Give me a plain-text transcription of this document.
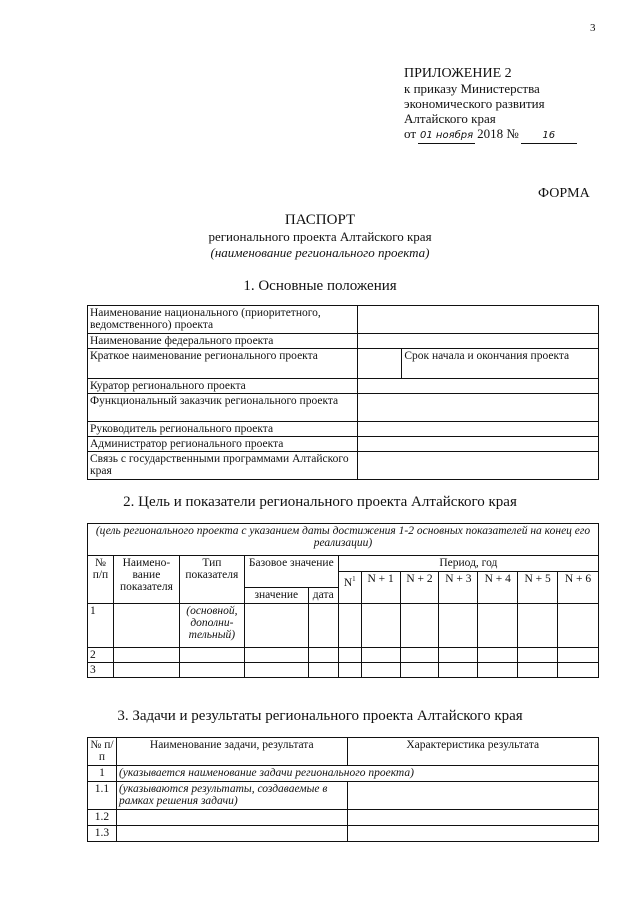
3
ПРИЛОЖЕНИЕ 2
к приказу Министерства
экономического развития
Алтайского края
от 01 ноября 2018 №	16
ФОРМА
ПАСПОРТ
регионального проекта Алтайского края
(наименование регионального проекта)
1. Основные положения
Наименование национального (приоритетного, ведомственного) проекта		
Наименование федерального проекта		
Краткое наименование регионального проекта		Срок начала и окончания проекта
Куратор регионального проекта		
Функциональный заказчик регионального проекта		
Руководитель регионального проекта		
Администратор регионального проекта		
Связь с государственными программами Алтайского края		
2. Цель и показатели регионального проекта Алтайского края
(цель регионального проекта с указанием даты достижения 1-2 основных показателей на конец его реализации)											
№ п/п	Наимено-вание показателя	Тип показателя	Базовое значение		Период, год						
					$N^1$	N + 1	N + 2	N + 3	N + 4	N + 5	N + 6
			значение	дата							
1		(основной, дополни-тельный)									
2											
3											
3. Задачи и результаты регионального проекта Алтайского края
№ п/п	Наименование задачи, результата	Характеристика результата
1	(указывается наименование задачи регионального проекта)	
1.1	(указываются результаты, создаваемые в рамках решения задачи)	
1.2		
1.3		
